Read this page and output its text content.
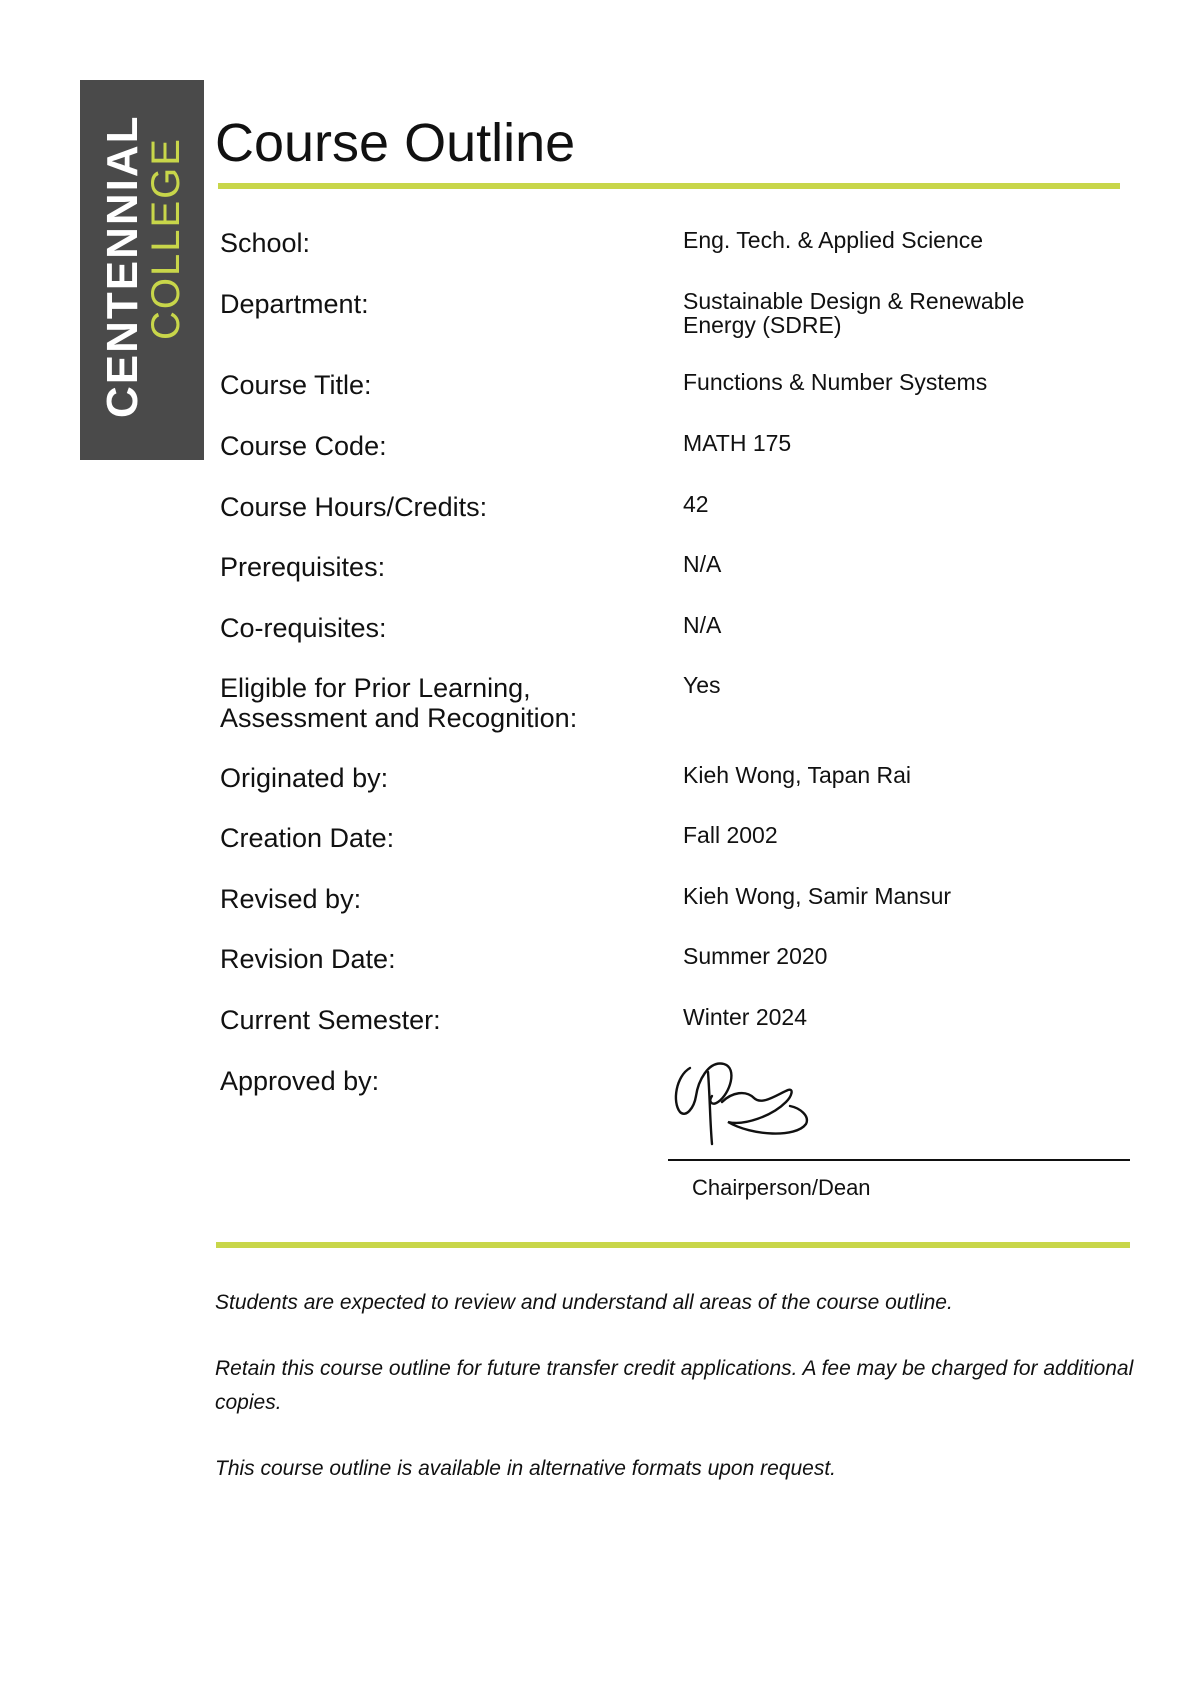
CENTENNIAL
COLLEGE Course Outline
School:	Eng. Tech. & Applied Science
Department:	Sustainable Design & Renewable Energy (SDRE)
Course Title:	Functions & Number Systems
Course Code:	MATH 175
Course Hours/Credits:	42
Prerequisites:	N/A
Co-requisites:	N/A
Eligible for Prior Learning, Assessment and Recognition:
Yes
Originated by:	Kieh Wong, Tapan Rai
Creation Date:	Fall 2002
Revised by:	Kieh Wong, Samir Mansur
Revision Date:	Summer 2020
Current Semester:	Winter 2024
Approved by:
Chairperson/Dean

Students are expected to review and understand all areas of the course outline.

Retain this course outline for future transfer credit applications. A fee may be charged for additional copies.

This course outline is available in alternative formats upon request.
